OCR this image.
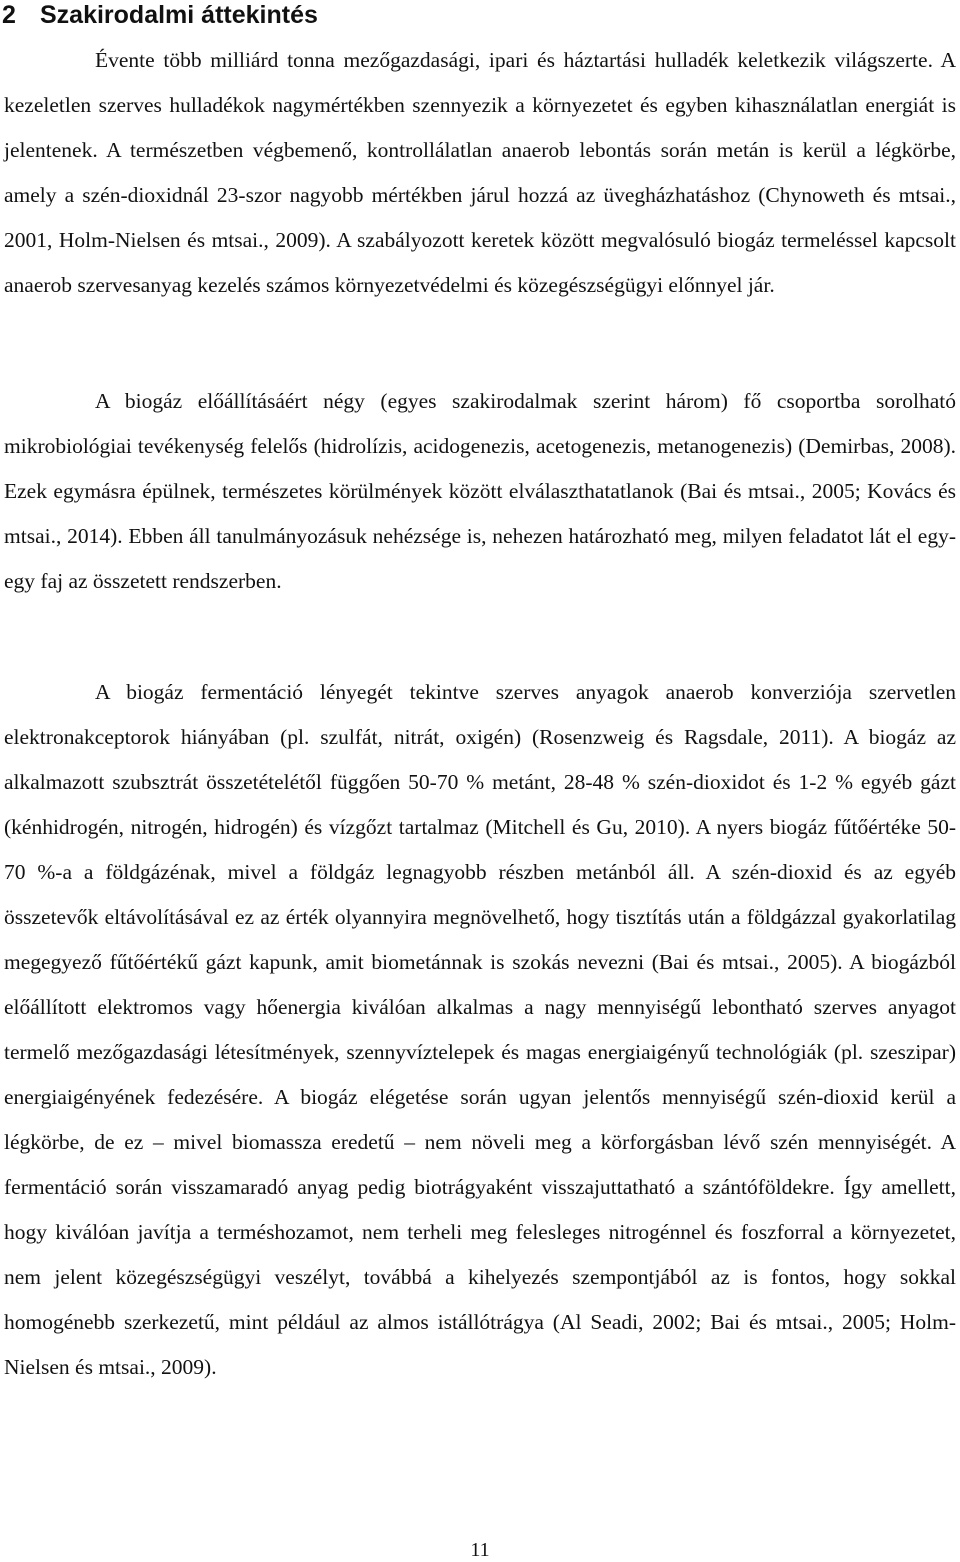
2 Szakirodalmi áttekintés

Évente több milliárd tonna mezőgazdasági, ipari és háztartási hulladék keletkezik világszerte. A kezeletlen szerves hulladékok nagymértékben szennyezik a környezetet és egyben kihasználatlan energiát is jelentenek. A természetben végbemenő, kontrollálatlan anaerob lebontás során metán is kerül a légkörbe, amely a szén-dioxidnál 23-szor nagyobb mértékben járul hozzá az üvegházhatáshoz (Chynoweth és mtsai., 2001, Holm-Nielsen és mtsai., 2009). A szabályozott keretek között megvalósuló biogáz termeléssel kapcsolt anaerob szervesanyag kezelés számos környezetvédelmi és közegészségügyi előnnyel jár.

A biogáz előállításáért négy (egyes szakirodalmak szerint három) fő csoportba sorolható mikrobiológiai tevékenység felelős (hidrolízis, acidogenezis, acetogenezis, metanogenezis) (Demirbas, 2008). Ezek egymásra épülnek, természetes körülmények között elválaszthatatlanok (Bai és mtsai., 2005; Kovács és mtsai., 2014). Ebben áll tanulmányozásuk nehézsége is, nehezen határozható meg, milyen feladatot lát el egy-egy faj az összetett rendszerben.

A biogáz fermentáció lényegét tekintve szerves anyagok anaerob konverziója szervetlen elektronakceptorok hiányában (pl. szulfát, nitrát, oxigén) (Rosenzweig és Ragsdale, 2011). A biogáz az alkalmazott szubsztrát összetételétől függően 50-70 % metánt, 28-48 % szén-dioxidot és 1-2 % egyéb gázt (kénhidrogén, nitrogén, hidrogén) és vízgőzt tartalmaz (Mitchell és Gu, 2010). A nyers biogáz fűtőértéke 50-70 %-a a földgázénak, mivel a földgáz legnagyobb részben metánból áll. A szén-dioxid és az egyéb összetevők eltávolításával ez az érték olyannyira megnövelhető, hogy tisztítás után a földgázzal gyakorlatilag megegyező fűtőértékű gázt kapunk, amit biometánnak is szokás nevezni (Bai és mtsai., 2005). A biogázból előállított elektromos vagy hőenergia kiválóan alkalmas a nagy mennyiségű lebontható szerves anyagot termelő mezőgazdasági létesítmények, szennyvíztelepek és magas energiaigényű technológiák (pl. szeszipar) energiaigényének fedezésére. A biogáz elégetése során ugyan jelentős mennyiségű szén-dioxid kerül a légkörbe, de ez – mivel biomassza eredetű – nem növeli meg a körforgásban lévő szén mennyiségét. A fermentáció során visszamaradó anyag pedig biotrágyaként visszajuttatható a szántóföldekre. Így amellett, hogy kiválóan javítja a terméshozamot, nem terheli meg felesleges nitrogénnel és foszforral a környezetet, nem jelent közegészségügyi veszélyt, továbbá a kihelyezés szempontjából az is fontos, hogy sokkal homogénebb szerkezetű, mint például az almos istállótrágya (Al Seadi, 2002; Bai és mtsai., 2005; Holm-Nielsen és mtsai., 2009).

11
